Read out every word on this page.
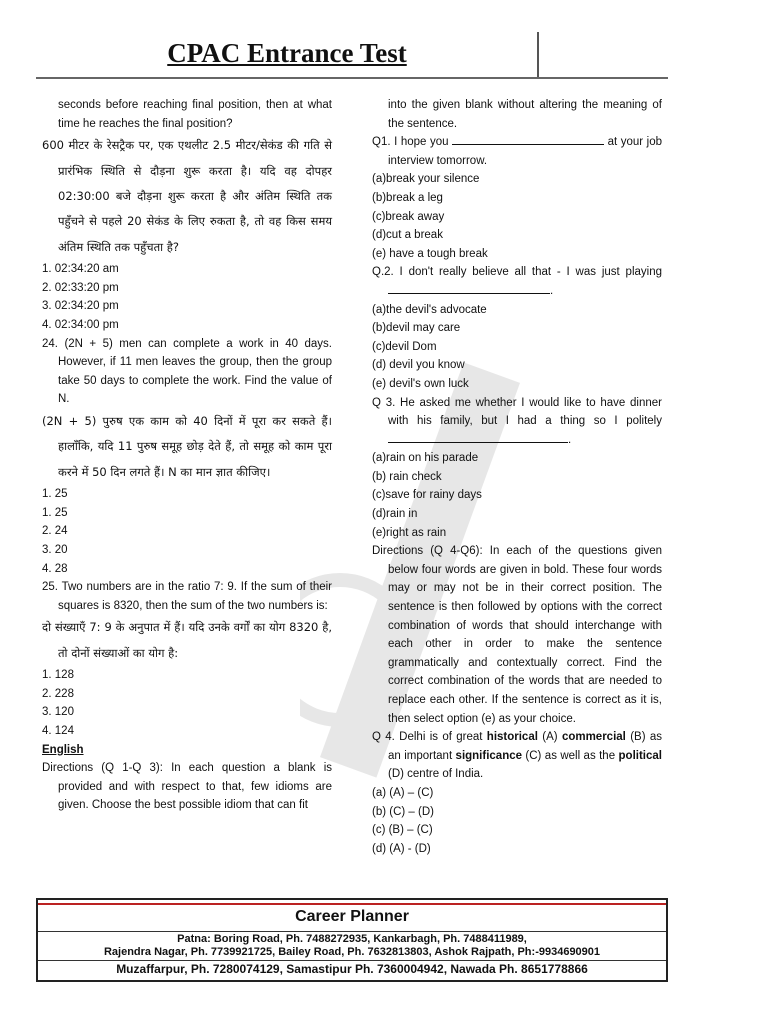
CPAC Entrance Test

seconds before reaching final position, then at what time he reaches the final position?

600 मीटर के रेसट्रैक पर, एक एथलीट 2.5 मीटर/सेकंड की गति से प्रारंभिक स्थिति से दौड़ना शुरू करता है। यदि वह दोपहर 02:30:00 बजे दौड़ना शुरू करता है और अंतिम स्थिति तक पहुँचने से पहले 20 सेकंड के लिए रुकता है, तो वह किस समय अंतिम स्थिति तक पहुँचता है?

1. 02:34:20 am

2. 02:33:20 pm

3. 02:34:20 pm

4. 02:34:00 pm

24. (2N + 5) men can complete a work in 40 days. However, if 11 men leaves the group, then the group take 50 days to complete the work. Find the value of N.

(2N + 5) पुरुष एक काम को 40 दिनों में पूरा कर सकते हैं। हालाँकि, यदि 11 पुरुष समूह छोड़ देते हैं, तो समूह को काम पूरा करने में 50 दिन लगते हैं। N का मान ज्ञात कीजिए।

1. 25

1. 25

2. 24

3. 20

4. 28

25. Two numbers are in the ratio 7: 9. If the sum of their squares is 8320, then the sum of the two numbers is:

दो संख्याएँ 7: 9 के अनुपात में हैं। यदि उनके वर्गों का योग 8320 है, तो दोनों संख्याओं का योग है:

1. 128

2. 228

3. 120

4. 124

English

Directions (Q 1-Q 3): In each question a blank is provided and with respect to that, few idioms are given. Choose the best possible idiom that can fit

into the given blank without altering the meaning of the sentence.

Q1. I hope you	at your job interview tomorrow.

(a)break your silence

(b)break a leg

(c)break away

(d)cut a break

(e) have a tough break

Q.2. I don't really believe all that - I was just playing .

(a)the devil's advocate

(b)devil may care

(c)devil Dom

(d) devil you know

(e) devil's own luck

Q 3. He asked me whether I would like to have dinner with his family, but I had a thing so I politely .

(a)rain on his parade

(b) rain check

(c)save for rainy days

(d)rain in

(e)right as rain

Directions (Q 4-Q6): In each of the questions given below four words are given in bold. These four words may or may not be in their correct position. The sentence is then followed by options with the correct combination of words that should interchange with each other in order to make the sentence grammatically and contextually correct. Find the correct combination of the words that are needed to replace each other. If the sentence is correct as it is, then select option (e) as your choice.

Q 4. Delhi is of great historical (A) commercial (B) as an important significance (C) as well as the political (D) centre of India.

(a) (A) – (C)

(b) (C) – (D)

(c) (B) – (C)

(d) (A) - (D)

Career Planner
Patna: Boring Road, Ph. 7488272935, Kankarbagh, Ph. 7488411989,
Rajendra Nagar, Ph. 7739921725, Bailey Road, Ph. 7632813803, Ashok Rajpath, Ph:-9934690901
Muzaffarpur, Ph. 7280074129, Samastipur Ph. 7360004942, Nawada Ph. 8651778866
